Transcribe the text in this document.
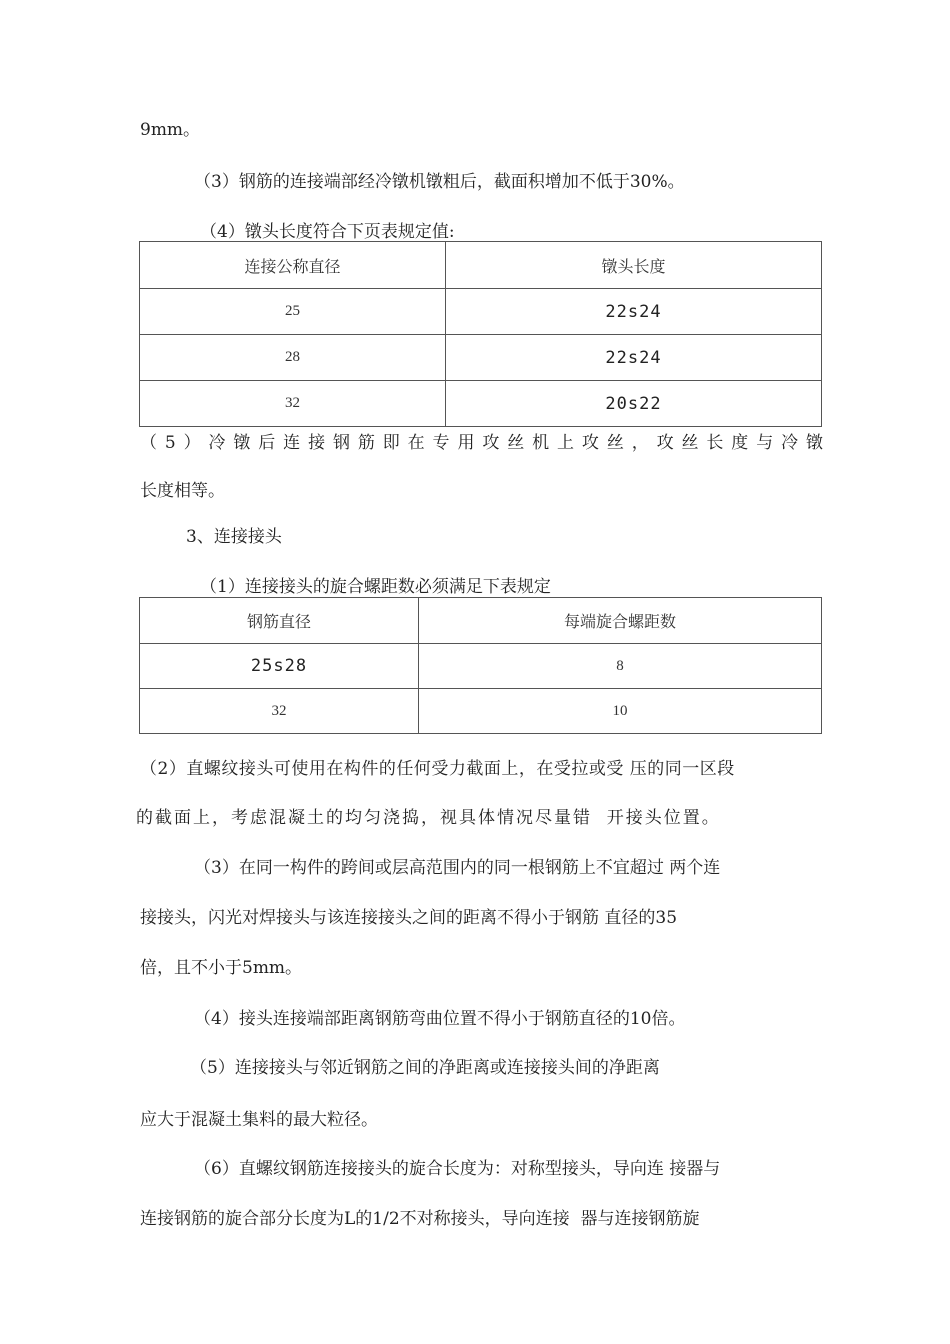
9mm。
（3）钢筋的连接端部经冷镦机镦粗后，截面积增加不低于30%。
（4）镦头长度符合下页表规定值:
连接公称直径	镦头长度
25	22s24
28	22s24
32	20s22
（5）冷镦后连接钢筋即在专用攻丝机上攻丝，攻丝长度与冷镦
长度相等。
3、连接接头
（1）连接接头的旋合螺距数必须满足下表规定
钢筋直径	每端旋合螺距数
25s28	8
32	10
（2）直螺纹接头可使用在构件的任何受力截面上，在受拉或受 压的同一区段
的截面上，考虑混凝土的均匀浇捣，视具体情况尽量错  开接头位置。
（3）在同一构件的跨间或层高范围内的同一根钢筋上不宜超过 两个连
接接头，闪光对焊接头与该连接接头之间的距离不得小于钢筋 直径的35
倍，且不小于5mm。
（4）接头连接端部距离钢筋弯曲位置不得小于钢筋直径的10倍。
（5）连接接头与邻近钢筋之间的净距离或连接接头间的净距离
应大于混凝土集料的最大粒径。
（6）直螺纹钢筋连接接头的旋合长度为：对称型接头，导向连 接器与
连接钢筋的旋合部分长度为L的1/2不对称接头，导向连接  器与连接钢筋旋
